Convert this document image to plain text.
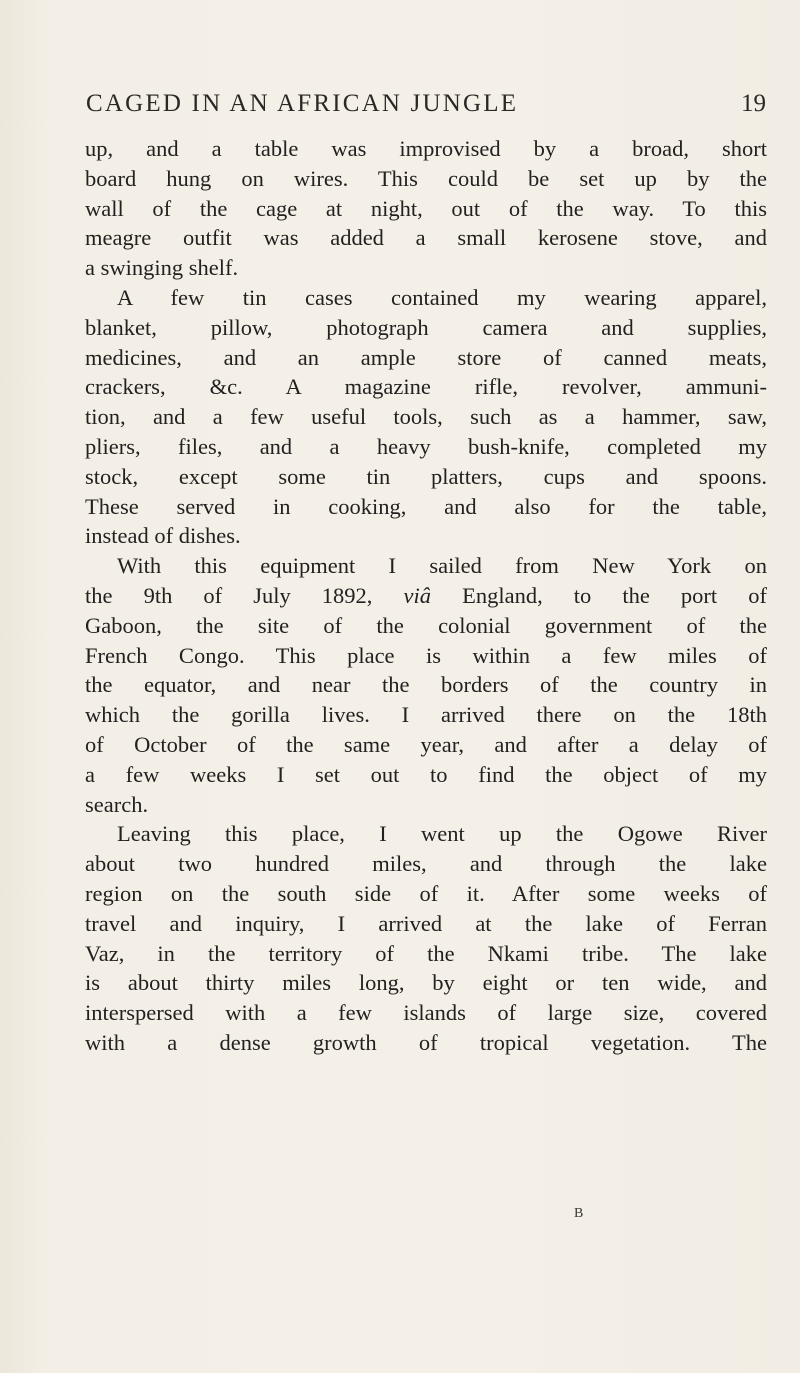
CAGED IN AN AFRICAN JUNGLE	19
up, and a table was improvised by a broad, short
board hung on wires. This could be set up by the
wall of the cage at night, out of the way. To this
meagre outfit was added a small kerosene stove, and
a swinging shelf.
A few tin cases contained my wearing apparel,
blanket, pillow, photograph camera and supplies,
medicines, and an ample store of canned meats,
crackers, &c. A magazine rifle, revolver, ammuni-
tion, and a few useful tools, such as a hammer, saw,
pliers, files, and a heavy bush-knife, completed my
stock, except some tin platters, cups and spoons.
These served in cooking, and also for the table,
instead of dishes.
With this equipment I sailed from New York on
the 9th of July 1892, viâ England, to the port of
Gaboon, the site of the colonial government of the
French Congo. This place is within a few miles of
the equator, and near the borders of the country in
which the gorilla lives. I arrived there on the 18th
of October of the same year, and after a delay of
a few weeks I set out to find the object of my
search.
Leaving this place, I went up the Ogowe River
about two hundred miles, and through the lake
region on the south side of it. After some weeks of
travel and inquiry, I arrived at the lake of Ferran
Vaz, in the territory of the Nkami tribe. The lake
is about thirty miles long, by eight or ten wide, and
interspersed with a few islands of large size, covered
with a dense growth of tropical vegetation. The
B
